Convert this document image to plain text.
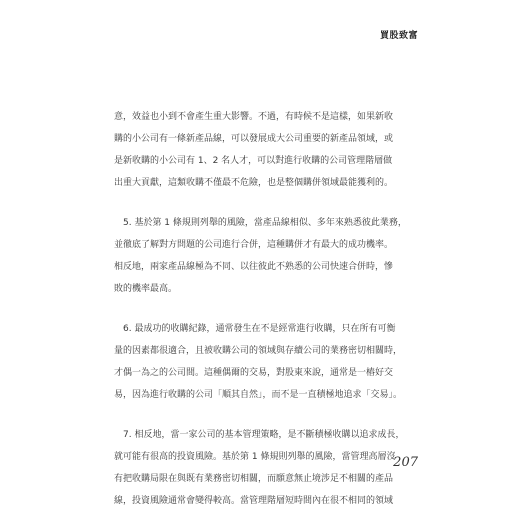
買股致富

意，效益也小到不會產生重大影響。不過，有時候不是這樣，如果新收
購的小公司有一條新產品線，可以發展成大公司重要的新產品領域，或
是新收購的小公司有 1、2 名人才，可以對進行收購的公司管理階層做
出重大貢獻，這類收購不僅最不危險，也是整個購併領域最能獲利的。

5. 基於第 1 條規則列舉的風險，當產品線相似、多年來熟悉彼此業務，
並徹底了解對方問題的公司進行合併，這種購併才有最大的成功機率。
相反地，兩家產品線極為不同、以往彼此不熟悉的公司快速合併時，慘
敗的機率最高。

6. 最成功的收購紀錄，通常發生在不是經常進行收購，只在所有可衡
量的因素都很適合，且被收購公司的領域與存續公司的業務密切相關時，
才偶一為之的公司間。這種偶爾的交易，對股東來說，通常是一樁好交
易，因為進行收購的公司「順其自然」，而不是一直積極地追求「交易」。

7. 相反地，當一家公司的基本管理策略，是不斷積極收購以追求成長，
就可能有很高的投資風險。基於第 1 條規則列舉的風險，當管理高層沒
有把收購局限在與既有業務密切相關，而願意無止境涉足不相關的產品
線，投資風險通常會變得較高。當管理階層短時間內在很不相同的領域

207
